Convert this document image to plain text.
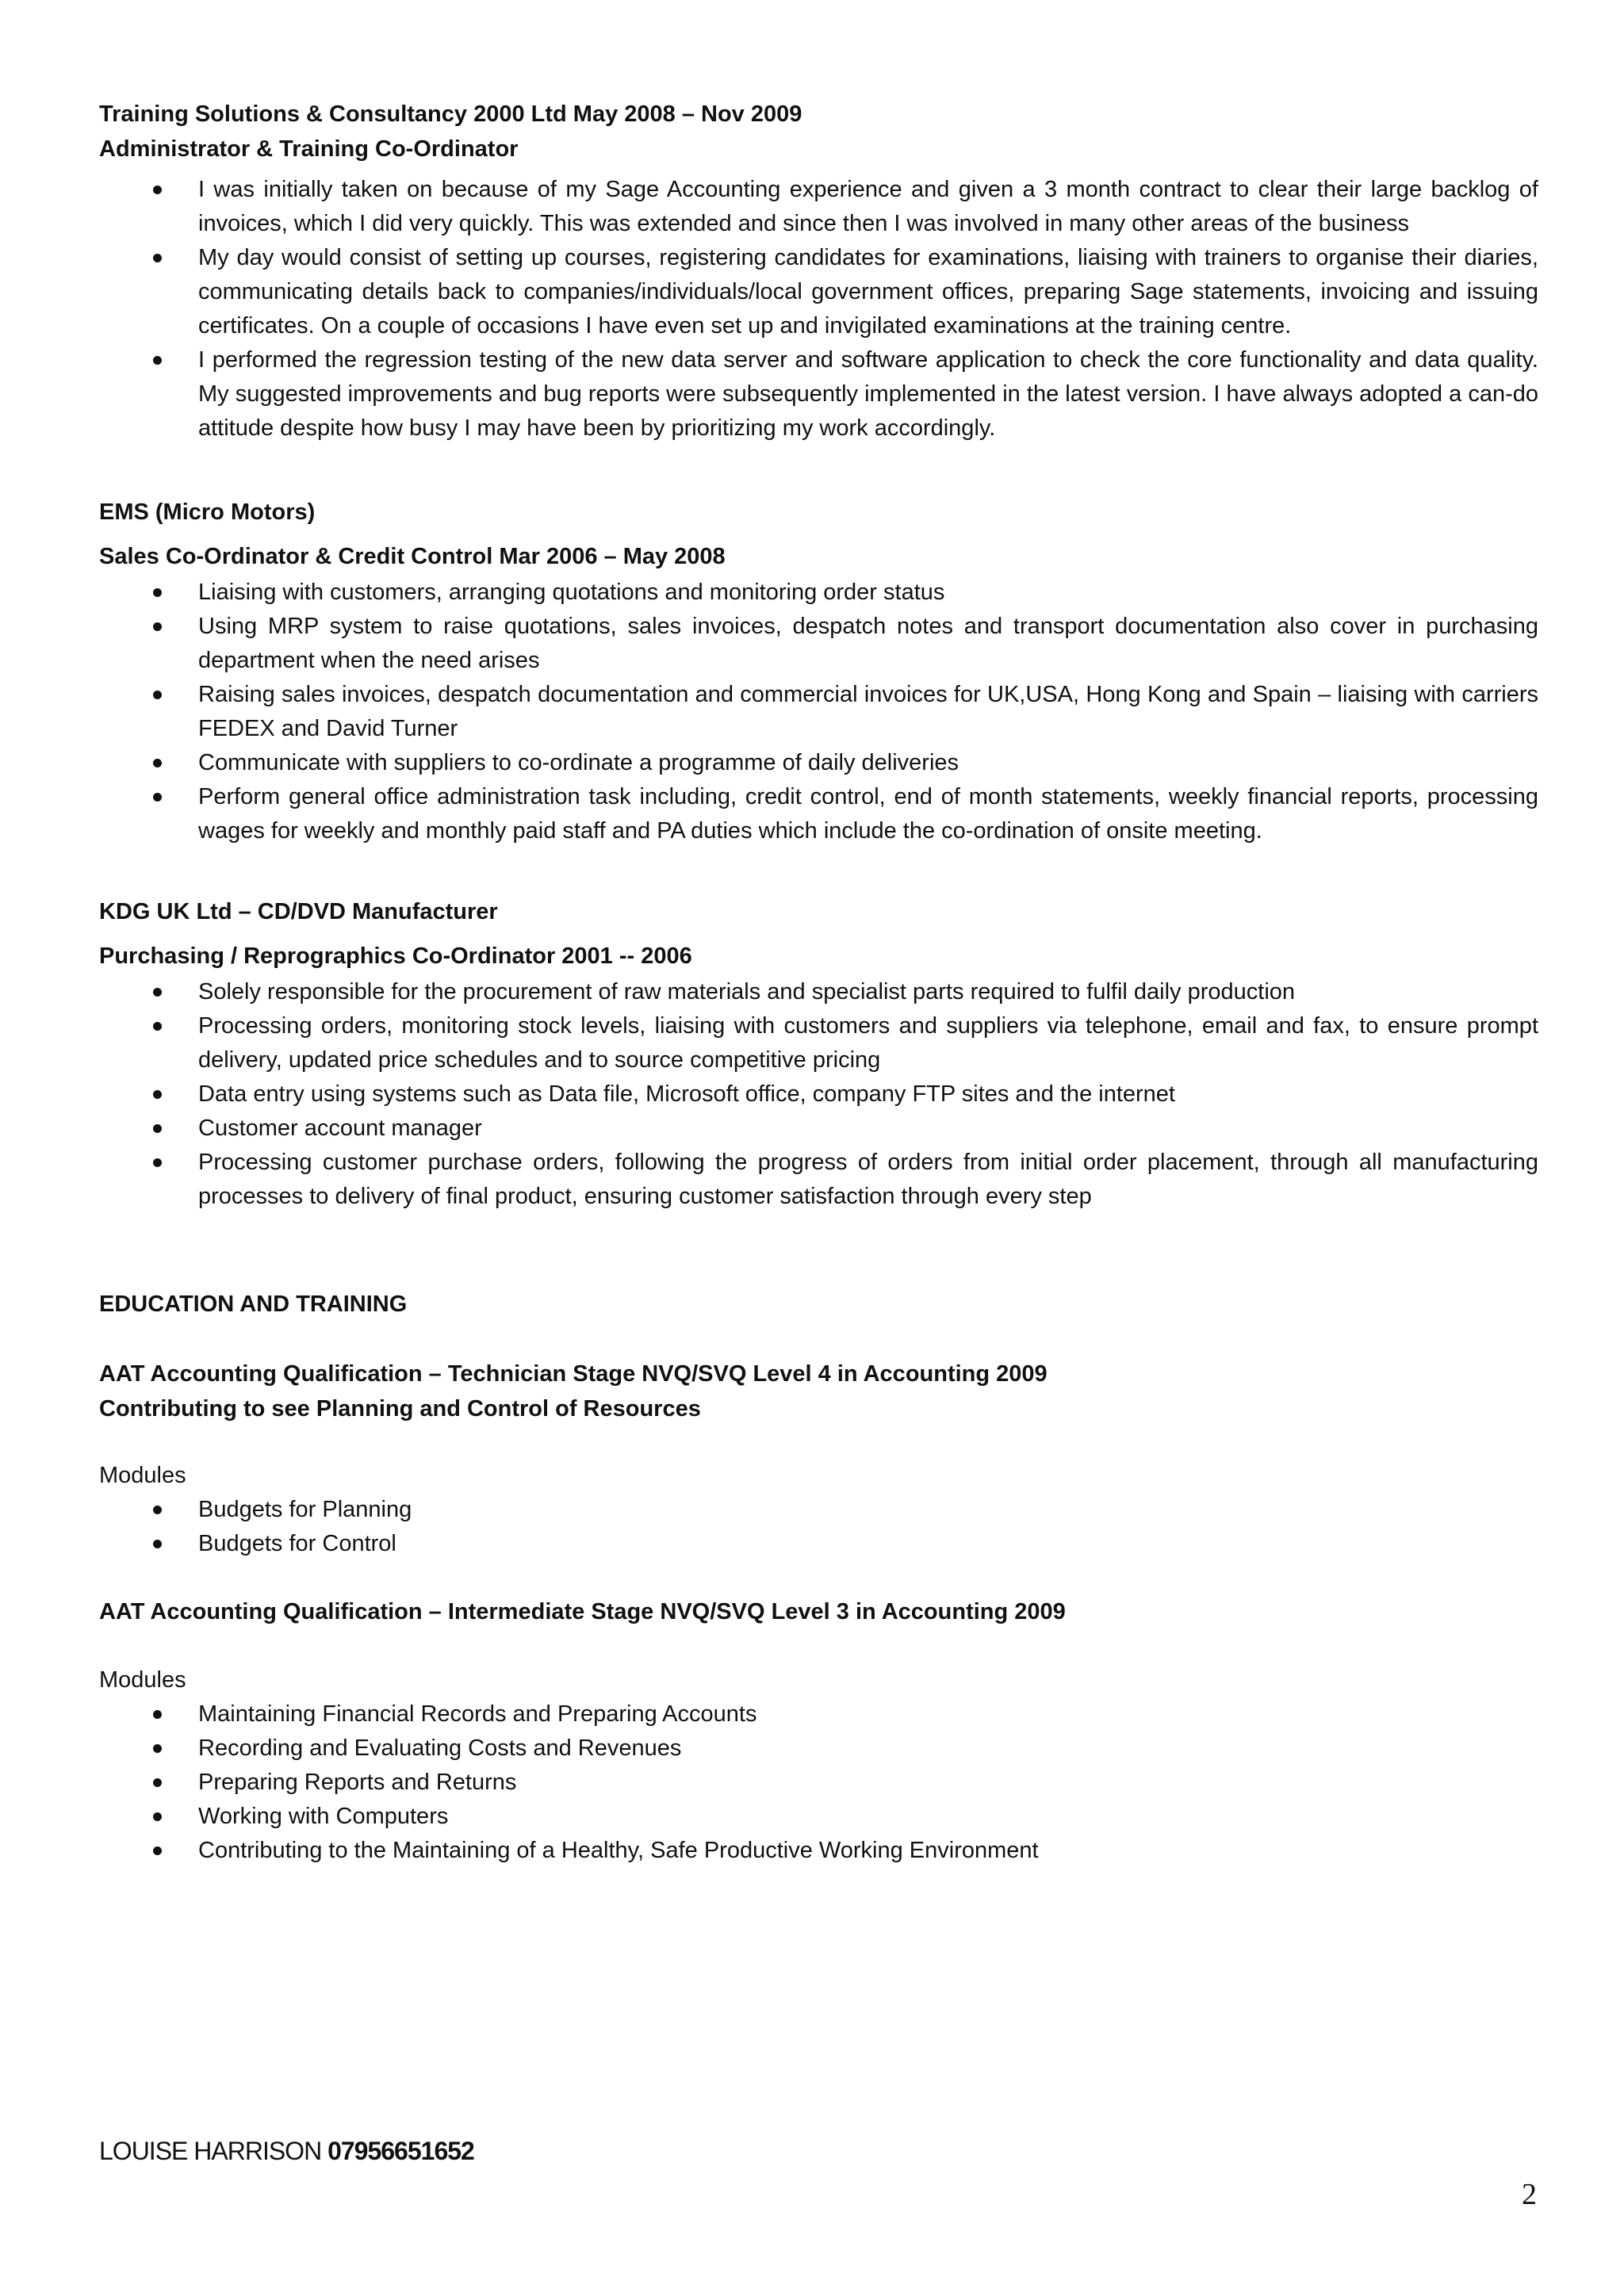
Training Solutions & Consultancy 2000 Ltd May 2008 – Nov 2009
Administrator & Training Co-Ordinator
I was initially taken on because of my Sage Accounting experience and given a 3 month contract to clear their large backlog of invoices, which I did very quickly. This was extended and since then I was involved in many other areas of the business
My day would consist of setting up courses, registering candidates for examinations, liaising with trainers to organise their diaries, communicating details back to companies/individuals/local government offices, preparing Sage statements, invoicing and issuing certificates. On a couple of occasions I have even set up and invigilated examinations at the training centre.
I performed the regression testing of the new data server and software application to check the core functionality and data quality. My suggested improvements and bug reports were subsequently implemented in the latest version. I have always adopted a can-do attitude despite how busy I may have been by prioritizing my work accordingly.
EMS (Micro Motors)
Sales Co-Ordinator & Credit Control Mar 2006 – May 2008
Liaising with customers, arranging quotations and monitoring order status
Using MRP system to raise quotations, sales invoices, despatch notes and transport documentation also cover in purchasing department when the need arises
Raising sales invoices, despatch documentation and commercial invoices for UK,USA, Hong Kong and Spain – liaising with carriers FEDEX and David Turner
Communicate with suppliers to co-ordinate a programme of daily deliveries
Perform general office administration task including, credit control, end of month statements, weekly financial reports, processing wages for weekly and monthly paid staff and PA duties which include the co-ordination of onsite meeting.
KDG UK Ltd – CD/DVD Manufacturer
Purchasing / Reprographics Co-Ordinator 2001 -- 2006
Solely responsible for the procurement of raw materials and specialist parts required to fulfil daily production
Processing orders, monitoring stock levels, liaising with customers and suppliers via telephone, email and fax, to ensure prompt delivery, updated price schedules and to source competitive pricing
Data entry using systems such as Data file, Microsoft office, company FTP sites and the internet
Customer account manager
Processing customer purchase orders, following the progress of orders from initial order placement, through all manufacturing processes to delivery of final product, ensuring customer satisfaction through every step
EDUCATION AND TRAINING
AAT Accounting Qualification – Technician Stage NVQ/SVQ Level 4 in Accounting 2009
Contributing to see Planning and Control of Resources
Modules
Budgets for Planning
Budgets for Control
AAT Accounting Qualification – Intermediate Stage NVQ/SVQ Level 3 in Accounting 2009
Modules
Maintaining Financial Records and Preparing Accounts
Recording and Evaluating Costs and Revenues
Preparing Reports and Returns
Working with Computers
Contributing to the Maintaining of a Healthy, Safe Productive Working Environment
LOUISE HARRISON 07956651652
2
